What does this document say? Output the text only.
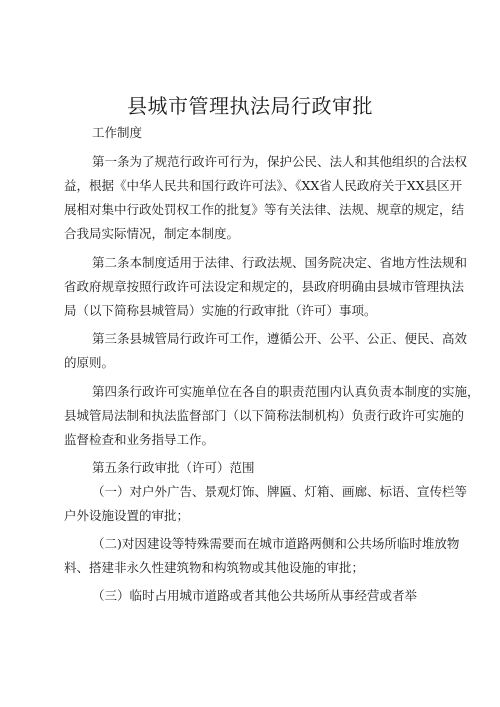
县城市管理执法局行政审批

工作制度

第一条为了规范行政许可行为，保护公民、法人和其他组织的合法权

益，根据《中华人民共和国行政许可法》、《XX省人民政府关于XX县区开

展相对集中行政处罚权工作的批复》等有关法律、法规、规章的规定，结

合我局实际情况，制定本制度。

第二条本制度适用于法律、行政法规、国务院决定、省地方性法规和

省政府规章按照行政许可法设定和规定的，县政府明确由县城市管理执法

局（以下简称县城管局）实施的行政审批（许可）事项。

第三条县城管局行政许可工作，遵循公开、公平、公正、便民、高效

的原则。

第四条行政许可实施单位在各自的职责范围内认真负责本制度的实施，

县城管局法制和执法监督部门（以下简称法制机构）负责行政许可实施的

监督检查和业务指导工作。

第五条行政审批（许可）范围

（一）对户外广告、景观灯饰、牌匾、灯箱、画廊、标语、宣传栏等

户外设施设置的审批；

（二)对因建设等特殊需要而在城市道路两侧和公共场所临时堆放物

料、搭建非永久性建筑物和构筑物或其他设施的审批；

（三）临时占用城市道路或者其他公共场所从事经营或者举
